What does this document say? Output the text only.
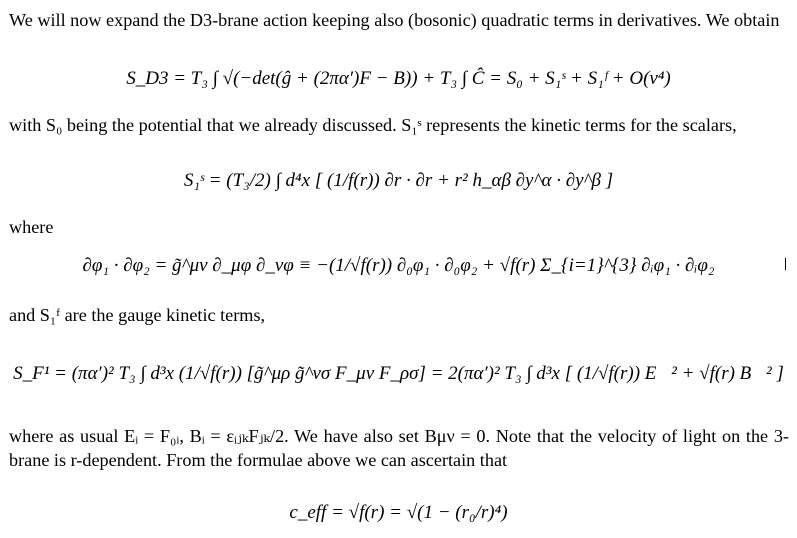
We will now expand the D3-brane action keeping also (bosonic) quadratic terms in derivatives. We obtain
S_D3 = T₃ ∫ √(−det(ĝ + (2πα′)F − B)) + T₃ ∫ Ĉ = S₀ + S₁ˢ + S₁ᶠ + O(v⁴)
with S₀ being the potential that we already discussed. S₁ˢ represents the kinetic terms for the scalars,
S₁ˢ = (T₃/2) ∫ d⁴x [ (1/f(r)) ∂r · ∂r + r² h_αβ ∂y^α · ∂y^β ]
where
∂φ₁ · ∂φ₂ = g̃^μν ∂_μφ ∂_νφ ≡ −(1/√f(r)) ∂₀φ₁ · ∂₀φ₂ + √f(r) Σ_{i=1}^{3} ∂ᵢφ₁ · ∂ᵢφ₂
and S₁ᶠ are the gauge kinetic terms,
S_F¹ = (πα′)² T₃ ∫ d³x (1/√f(r)) [g̃^μρ g̃^νσ F_μν F_ρσ] = 2(πα′)² T₃ ∫ d³x [ (1/√f(r)) E⃗² + √f(r) B⃗² ]
where as usual Eᵢ = F₀ᵢ, Bᵢ = εᵢⱼₖFⱼₖ/2. We have also set Bμν = 0. Note that the velocity of light on the 3-brane is r-dependent. From the formulae above we can ascertain that
c_eff = √f(r) = √(1 − (r₀/r)⁴)
